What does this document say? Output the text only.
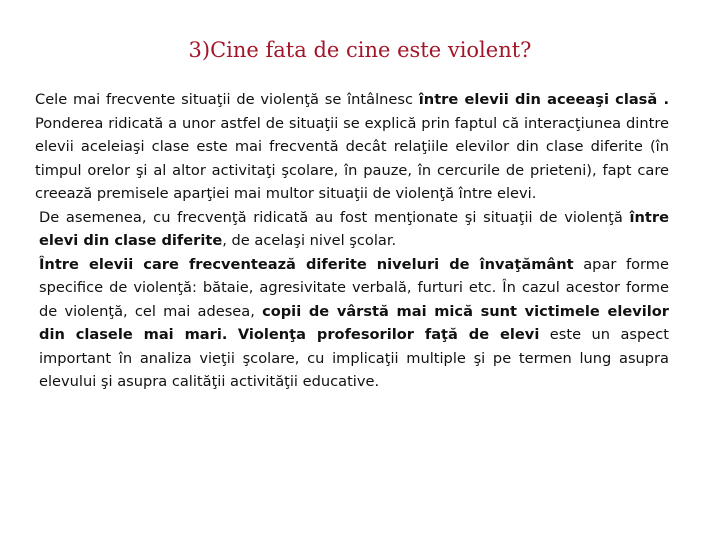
3)Cine fata de cine este violent?

Cele mai frecvente situaţii de violenţă se întâlnesc între elevii din aceeaşi clasă . Ponderea ridicată a unor astfel de situaţii se explică prin faptul că interacţiunea dintre elevii aceleiaşi clase este mai frecventă decât relaţiile elevilor din clase diferite (în timpul orelor şi al altor activitaţi şcolare, în pauze, în cercurile de prieteni), fapt care creează premisele aparţiei mai multor situaţii de violenţă între elevi.

De asemenea, cu frecvenţă ridicată au fost menţionate şi situaţii de violenţă între elevi din clase diferite, de acelaşi nivel şcolar.

Între elevii care frecventează diferite niveluri de învaţământ apar forme specifice de violenţă: bătaie, agresivitate verbală, furturi etc. În cazul acestor forme de violenţă, cel mai adesea, copii de vârstă mai mică sunt victimele elevilor din clasele mai mari. Violenţa profesorilor faţă de elevi este un aspect important în analiza vieţii şcolare, cu implicaţii multiple şi pe termen lung asupra elevului şi asupra calităţii activităţii educative.
